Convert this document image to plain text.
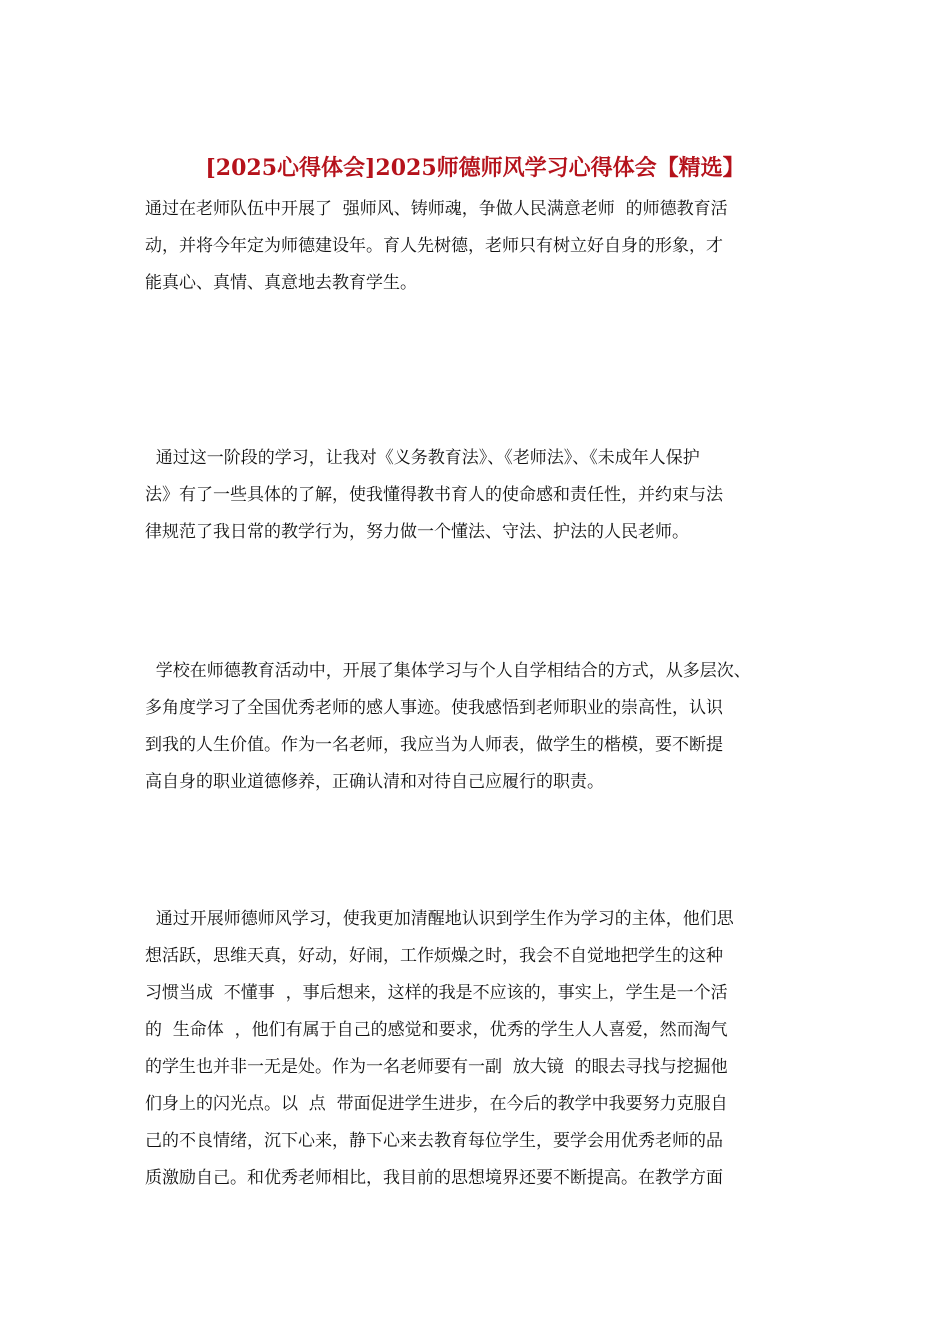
[2025心得体会]2025师德师风学习心得体会【精选】
通过在老师队伍中开展了  强师风、铸师魂，争做人民满意老师  的师德教育活
动，并将今年定为师德建设年。育人先树德，老师只有树立好自身的形象，才
能真心、真情、真意地去教育学生。
通过这一阶段的学习，让我对《义务教育法》、《老师法》、《未成年人保护
法》有了一些具体的了解，使我懂得教书育人的使命感和责任性，并约束与法
律规范了我日常的教学行为，努力做一个懂法、守法、护法的人民老师。
学校在师德教育活动中，开展了集体学习与个人自学相结合的方式，从多层次、
多角度学习了全国优秀老师的感人事迹。使我感悟到老师职业的崇高性，认识
到我的人生价值。作为一名老师，我应当为人师表，做学生的楷模，要不断提
高自身的职业道德修养，正确认清和对待自己应履行的职责。
通过开展师德师风学习，使我更加清醒地认识到学生作为学习的主体，他们思
想活跃，思维天真，好动，好闹，工作烦燥之时，我会不自觉地把学生的这种
习惯当成  不懂事  ，事后想来，这样的我是不应该的，事实上，学生是一个活
的  生命体  ，他们有属于自己的感觉和要求，优秀的学生人人喜爱，然而淘气
的学生也并非一无是处。作为一名老师要有一副  放大镜  的眼去寻找与挖掘他
们身上的闪光点。以  点  带面促进学生进步，在今后的教学中我要努力克服自
己的不良情绪，沉下心来，静下心来去教育每位学生，要学会用优秀老师的品
质激励自己。和优秀老师相比，我目前的思想境界还要不断提高。在教学方面
